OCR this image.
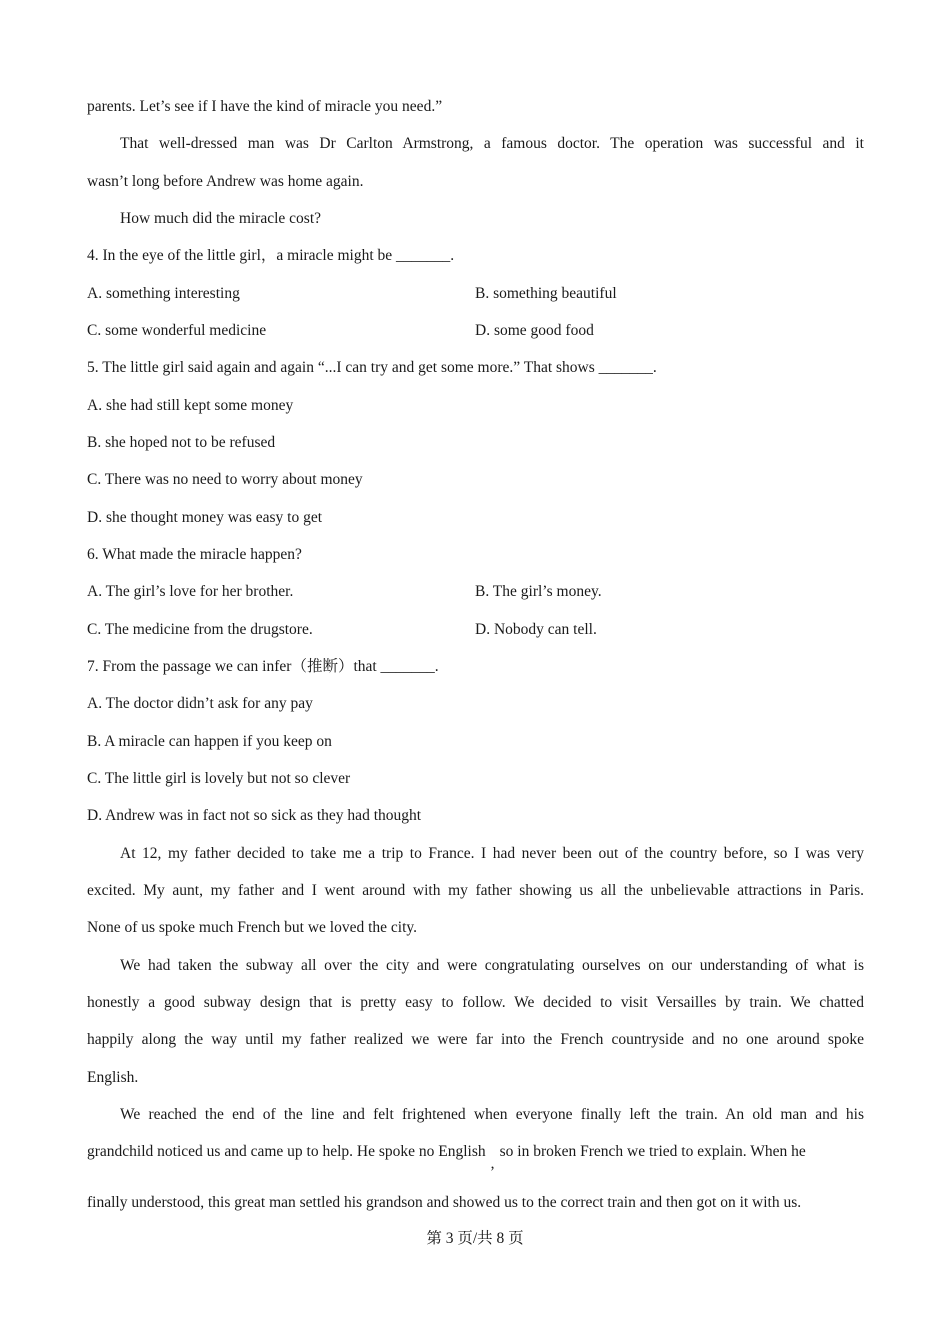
parents. Let’s see if I have the kind of miracle you need.”
That well-dressed man was Dr Carlton Armstrong, a famous doctor. The operation was successful and it
wasn’t long before Andrew was home again.
How much did the miracle cost?
4. In the eye of the little girl，a miracle might be _______.
A. something interesting	B. something beautiful
C. some wonderful medicine	D. some good food
5. The little girl said again and again “...I can try and get some more.” That shows _______.
A. she had still kept some money
B. she hoped not to be refused
C. There was no need to worry about money
D. she thought money was easy to get
6. What made the miracle happen?
A. The girl’s love for her brother.	B. The girl’s money.
C. The medicine from the drugstore.	D. Nobody can tell.
7. From the passage we can infer（推断）that _______.
A. The doctor didn’t ask for any pay
B. A miracle can happen if you keep on
C. The little girl is lovely but not so clever
D. Andrew was in fact not so sick as they had thought
At 12, my father decided to take me a trip to France. I had never been out of the country before, so I was very
excited. My aunt, my father and I went around with my father showing us all the unbelievable attractions in Paris.
None of us spoke much French but we loved the city.
We had taken the subway all over the city and were congratulating ourselves on our understanding of what is
honestly a good subway design that is pretty easy to follow. We decided to visit Versailles by train. We chatted
happily along the way until my father realized we were far into the French countryside and no one around spoke
English.
We reached the end of the line and felt frightened when everyone finally left the train. An old man and his
grandchild noticed us and came up to help. He spoke no English,so in broken French we tried to explain. When he
finally understood, this great man settled his grandson and showed us to the correct train and then got on it with us.
第 3 页/共 8 页
